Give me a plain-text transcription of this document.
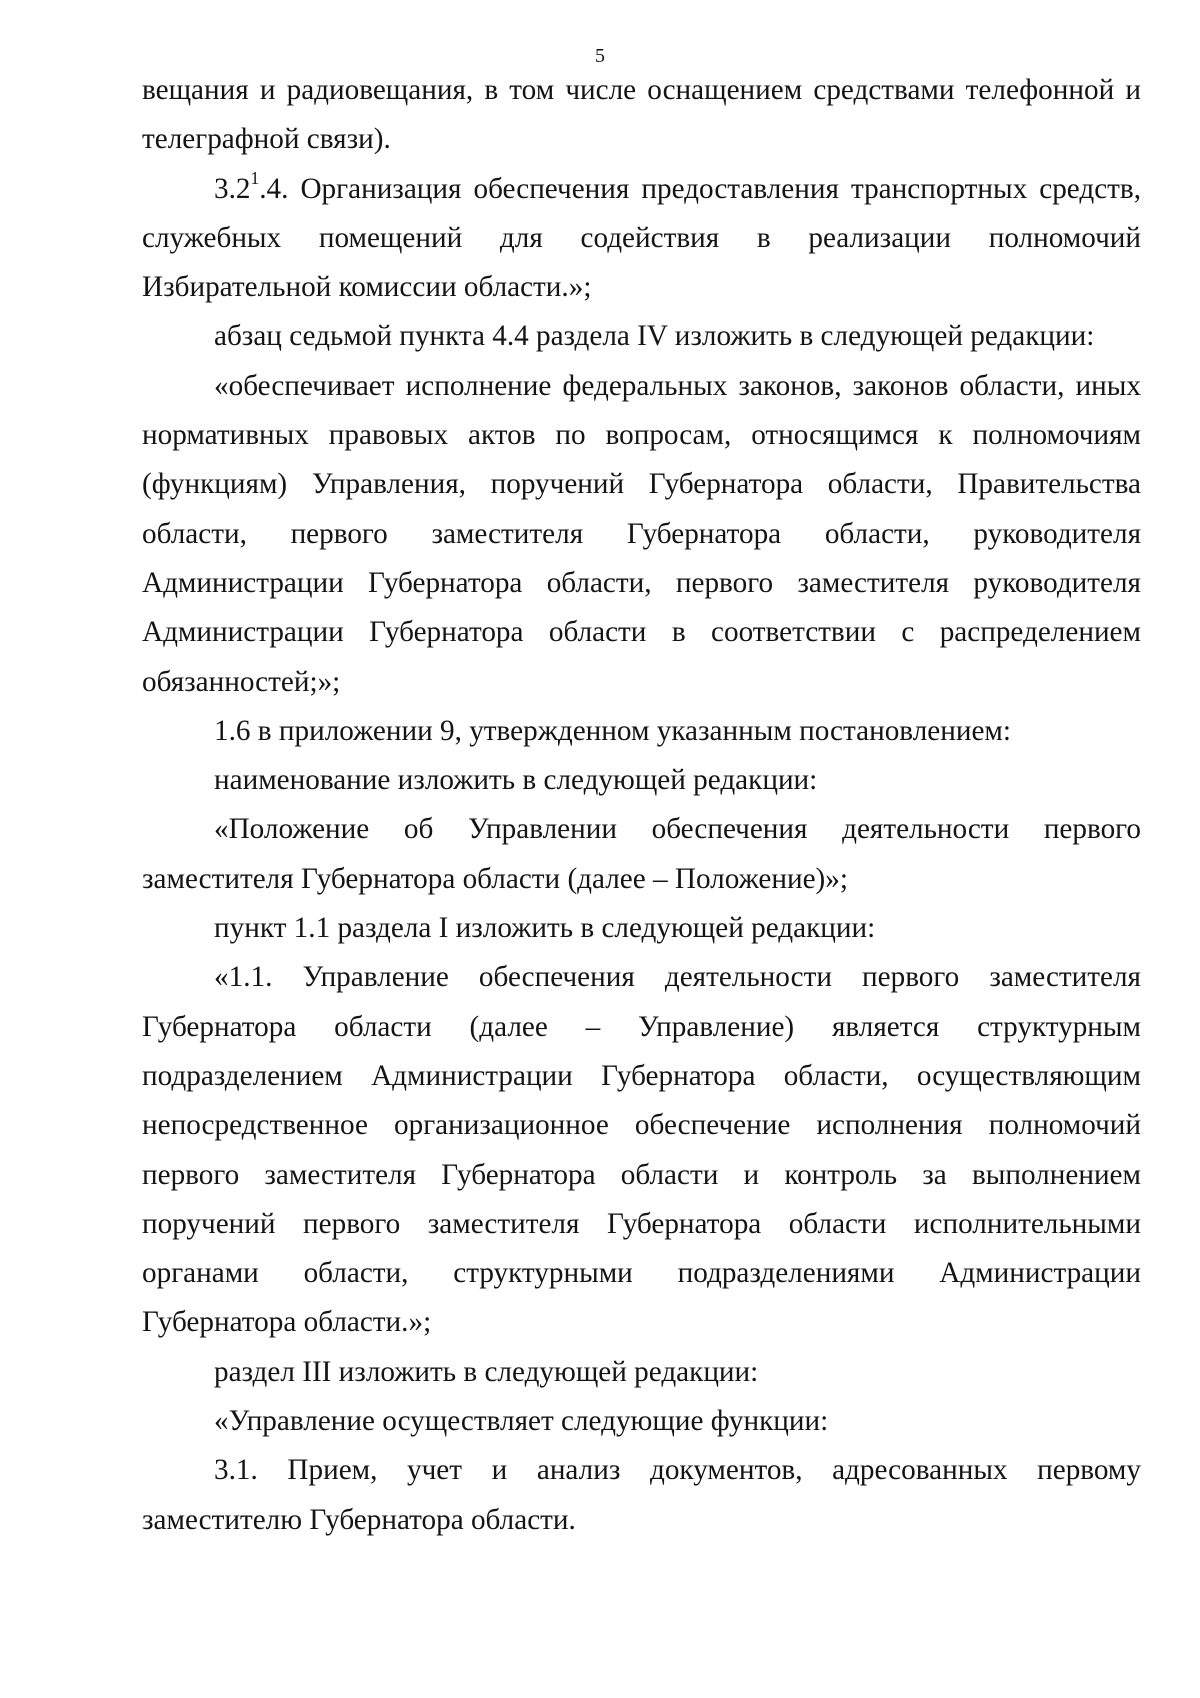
5

вещания и радиовещания, в том числе оснащением средствами телефонной и телеграфной связи).

$3.2^1.4$. Организация обеспечения предоставления транспортных средств, служебных помещений для содействия в реализации полномочий Избирательной комиссии области.»;

абзац седьмой пункта 4.4 раздела IV изложить в следующей редакции:

«обеспечивает исполнение федеральных законов, законов области, иных нормативных правовых актов по вопросам, относящимся к полномочиям (функциям) Управления, поручений Губернатора области, Правительства области, первого заместителя Губернатора области, руководителя Администрации Губернатора области, первого заместителя руководителя Администрации Губернатора области в соответствии с распределением обязанностей;»;

1.6 в приложении 9, утвержденном указанным постановлением:

наименование изложить в следующей редакции:

«Положение об Управлении обеспечения деятельности первого заместителя Губернатора области (далее – Положение)»;

пункт 1.1 раздела I изложить в следующей редакции:

«1.1. Управление обеспечения деятельности первого заместителя Губернатора области (далее – Управление) является структурным подразделением Администрации Губернатора области, осуществляющим непосредственное организационное обеспечение исполнения полномочий первого заместителя Губернатора области и контроль за выполнением поручений первого заместителя Губернатора области исполнительными органами области, структурными подразделениями Администрации Губернатора области.»;

раздел III изложить в следующей редакции:

«Управление осуществляет следующие функции:

3.1. Прием, учет и анализ документов, адресованных первому заместителю Губернатора области.
